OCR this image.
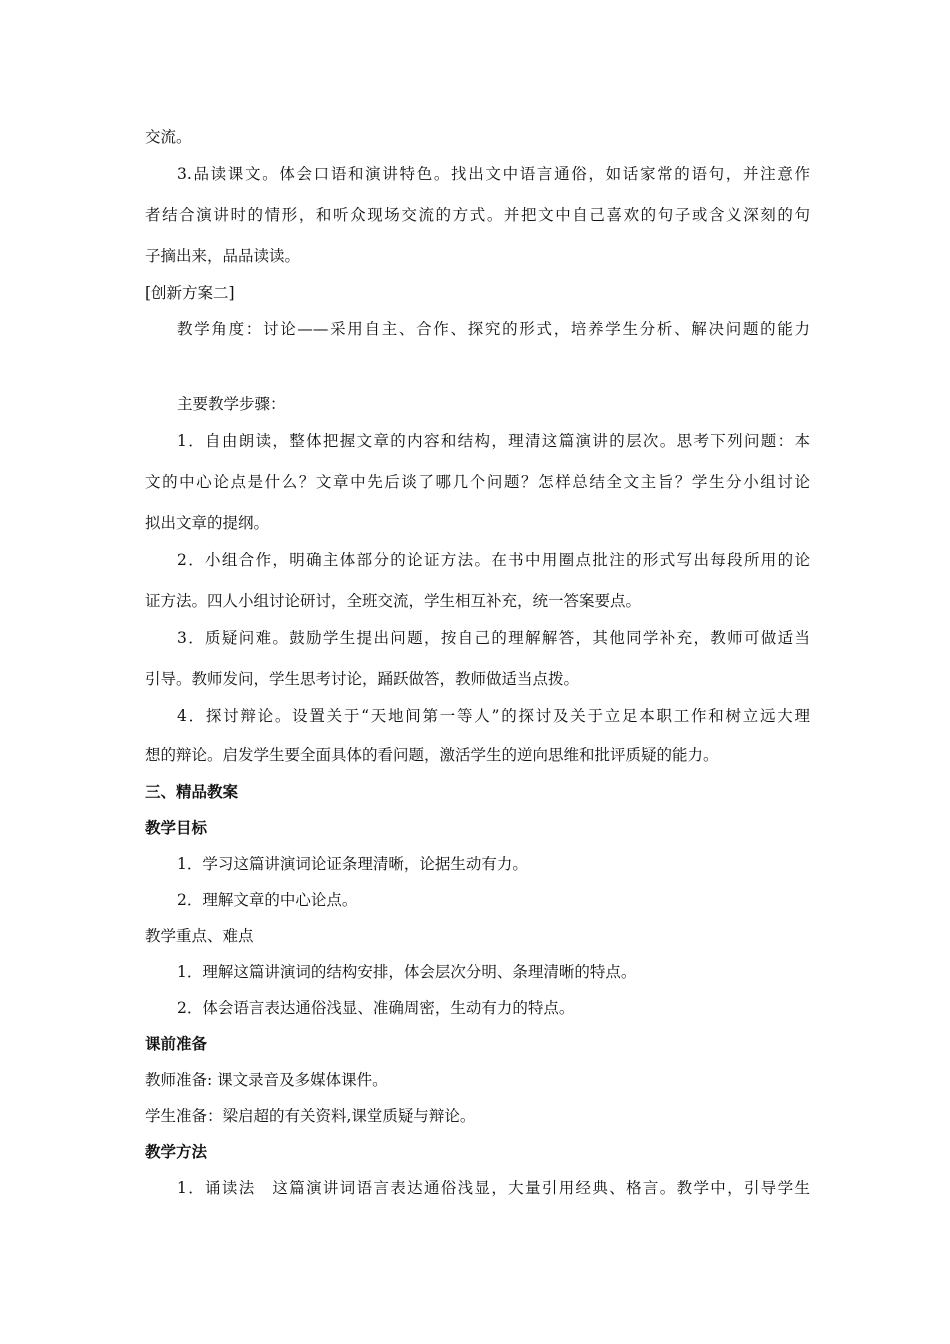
交流。
3.品读课文。体会口语和演讲特色。找出文中语言通俗，如话家常的语句，并注意作
者结合演讲时的情形，和听众现场交流的方式。并把文中自己喜欢的句子或含义深刻的句
子摘出来，品品读读。
[创新方案二]
教学角度：讨论——采用自主、合作、探究的形式，培养学生分析、解决问题的能力
主要教学步骤：
1．自由朗读，整体把握文章的内容和结构，理清这篇演讲的层次。思考下列问题：本
文的中心论点是什么？文章中先后谈了哪几个问题？怎样总结全文主旨？学生分小组讨论
拟出文章的提纲。
2．小组合作，明确主体部分的论证方法。在书中用圈点批注的形式写出每段所用的论
证方法。四人小组讨论研讨，全班交流，学生相互补充，统一答案要点。
3．质疑问难。鼓励学生提出问题，按自己的理解解答，其他同学补充，教师可做适当
引导。教师发问，学生思考讨论，踊跃做答，教师做适当点拨。
4．探讨辩论。设置关于“天地间第一等人”的探讨及关于立足本职工作和树立远大理
想的辩论。启发学生要全面具体的看问题，激活学生的逆向思维和批评质疑的能力。
三、精品教案
教学目标
1．学习这篇讲演词论证条理清晰，论据生动有力。
2．理解文章的中心论点。
教学重点、难点
1．理解这篇讲演词的结构安排，体会层次分明、条理清晰的特点。
2．体会语言表达通俗浅显、准确周密，生动有力的特点。
课前准备
教师准备: 课文录音及多媒体课件。
学生准备：梁启超的有关资料,课堂质疑与辩论。
教学方法
1．诵读法　这篇演讲词语言表达通俗浅显，大量引用经典、格言。教学中，引导学生
